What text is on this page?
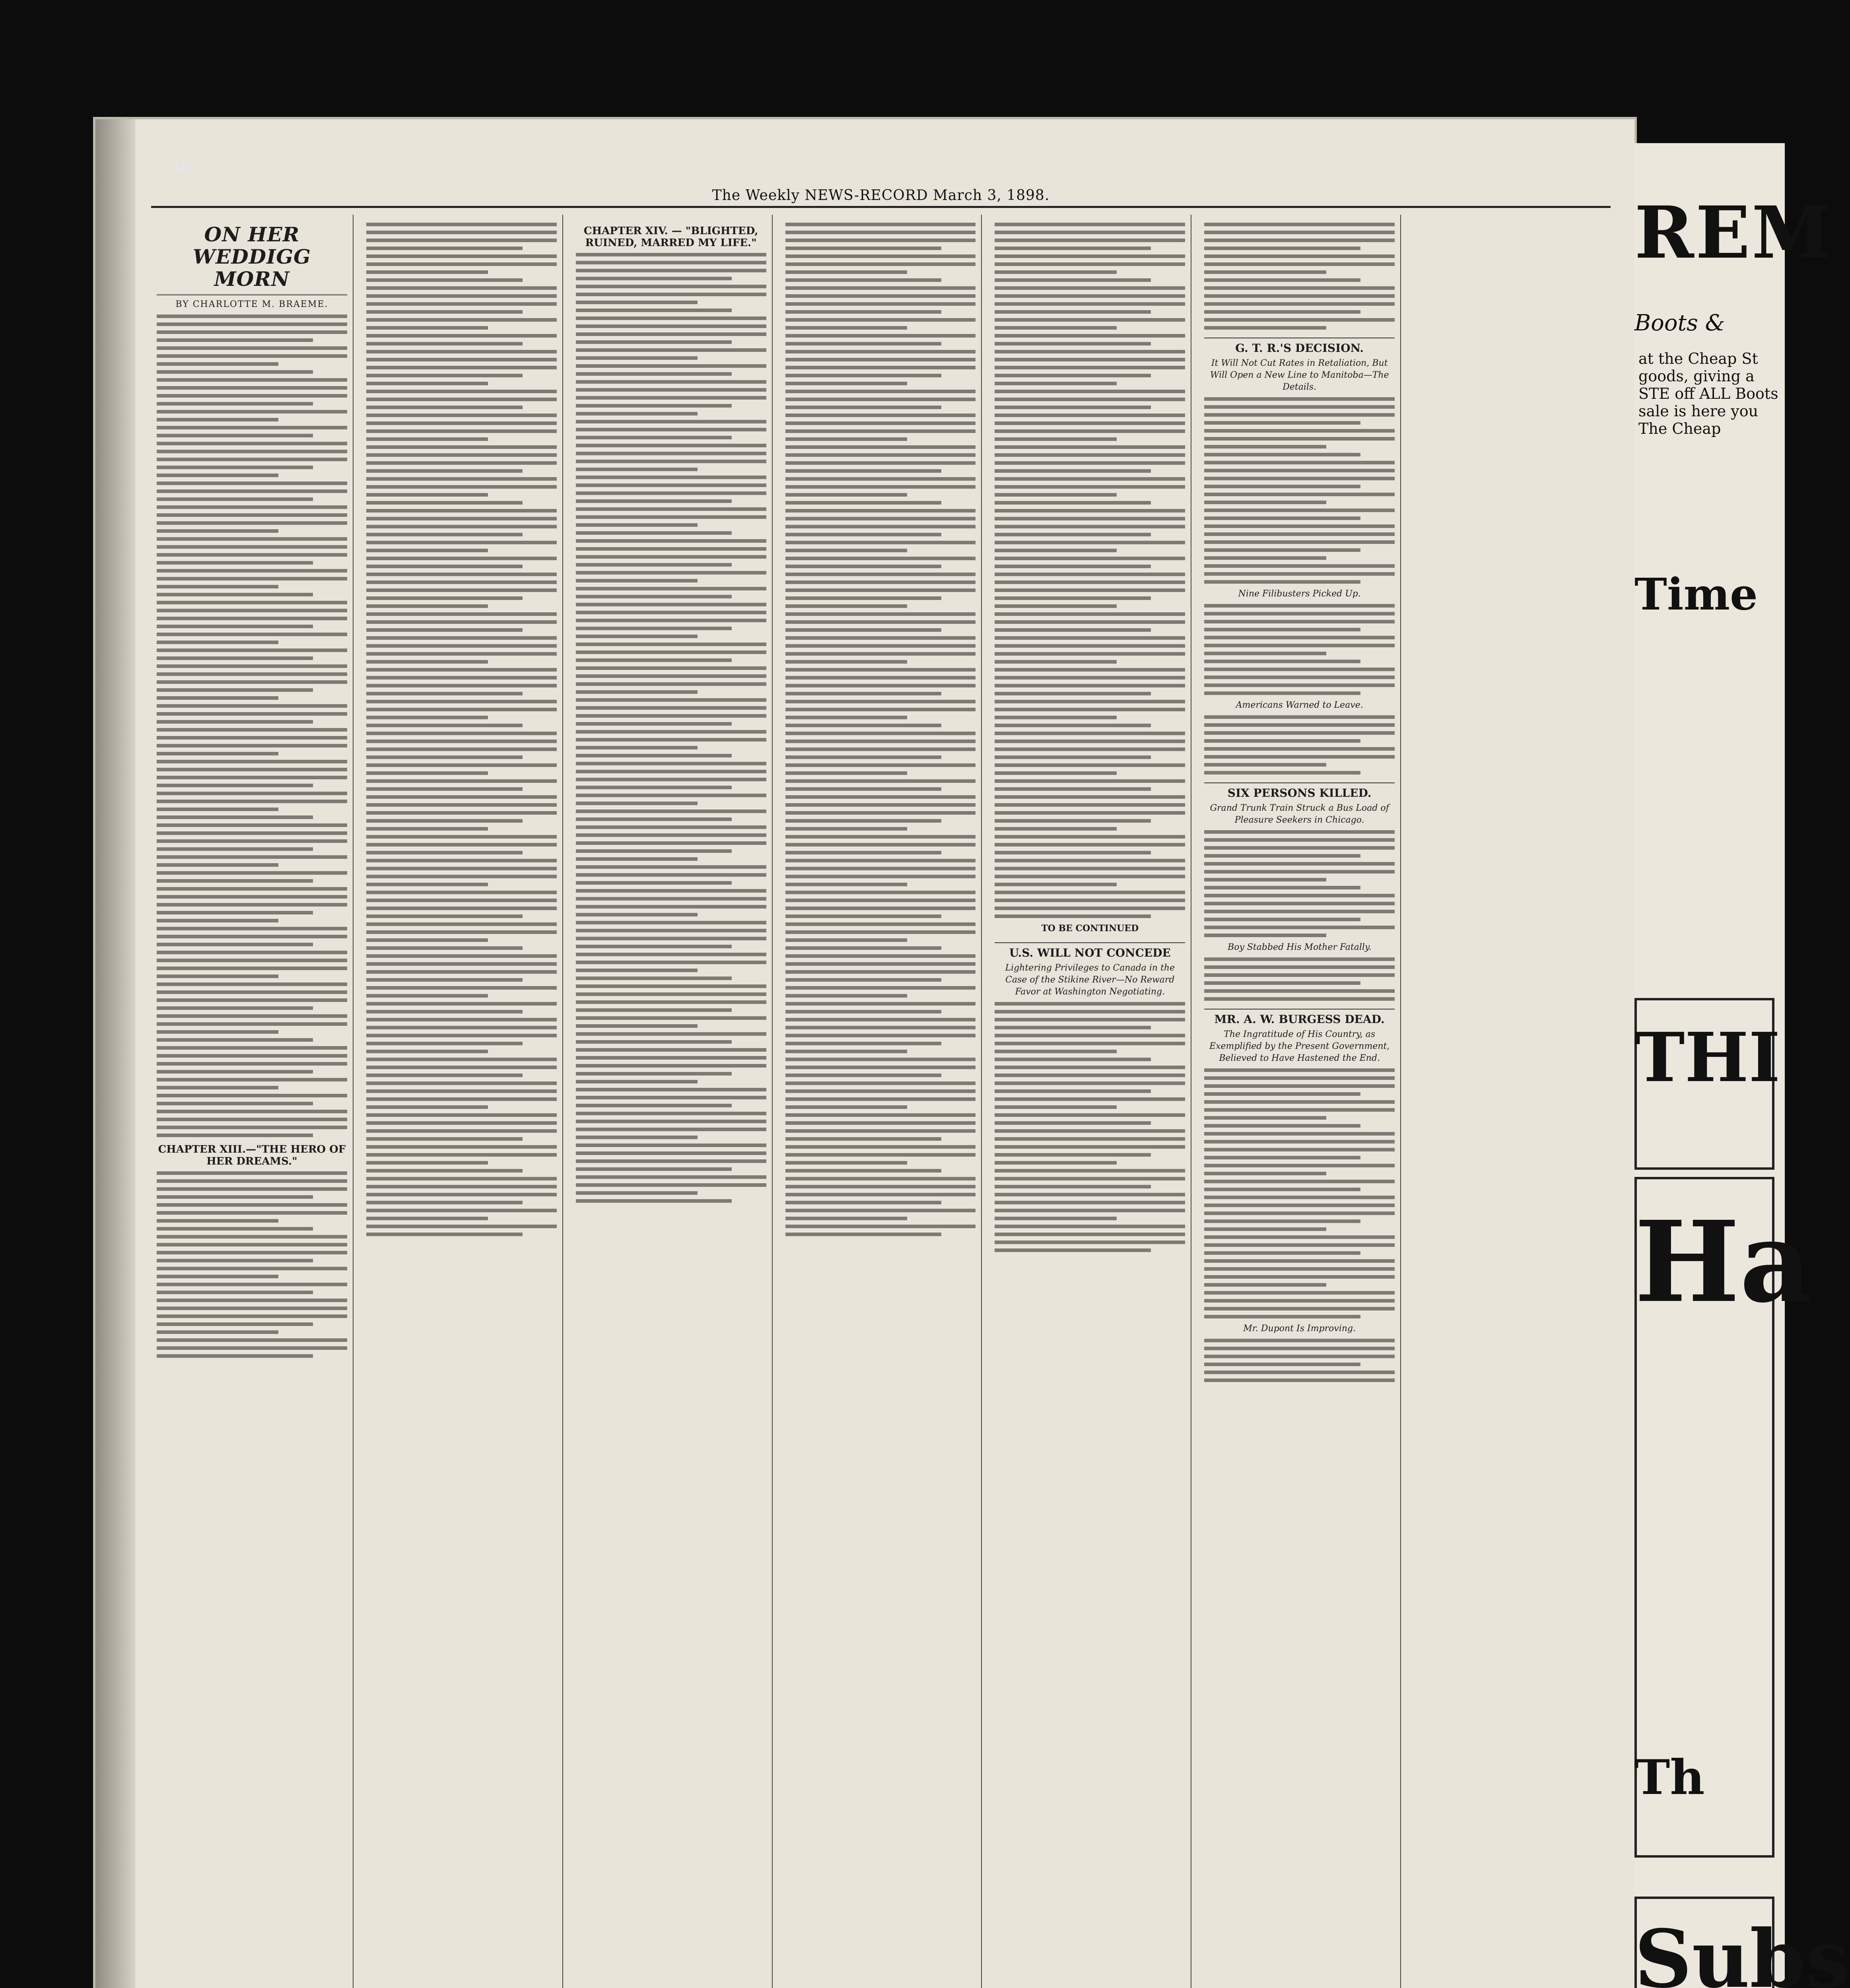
-36
The Weekly NEWS-RECORD March 3, 1898.
ON HER WEDDIGG MORN
BY CHARLOTTE M. BRAEME.
CHAPTER XIII.—"THE HERO OF HER DREAMS."
CHAPTER XIV. — "BLIGHTED, RUINED, MARRED MY LIFE."
TO BE CONTINUED
U.S. WILL NOT CONCEDE
Lightering Privileges to Canada in the Case of the Stikine River—No Reward Favor at Washington Negotiating.
G. T. R.'S DECISION.
It Will Not Cut Rates in Retaliation, But Will Open a New Line to Manitoba—The Details.
Nine Filibusters Picked Up.
Americans Warned to Leave.
SIX PERSONS KILLED.
Grand Trunk Train Struck a Bus Load of Pleasure Seekers in Chicago.
Boy Stabbed His Mother Fatally.
MR. A. W. BURGESS DEAD.
The Ingratitude of His Country, as Exemplified by the Present Government, Believed to Have Hastened the End.
Mr. Dupont Is Improving.
REM
Boots &
at the Cheap St goods, giving a STE off ALL Boots sale is here you The Cheap
Time
THI
Ha
Th
Subs
